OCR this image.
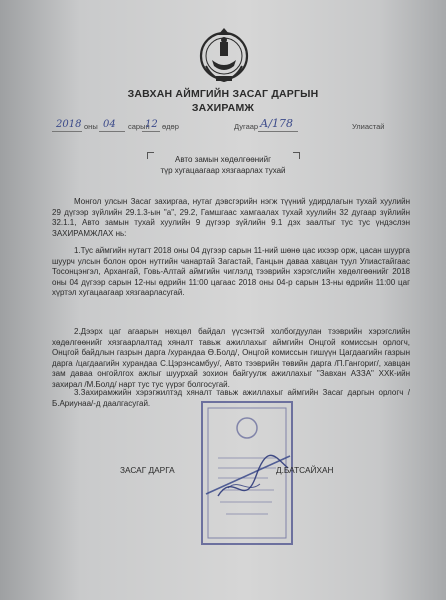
ЗАВХАН АЙМГИЙН ЗАСАГ ДАРГЫН
ЗАХИРАМЖ
2018 оны 04 сарын
12 өдөр	Дугаар А/178	Улиастай
Авто замын хөдөлгөөнийг
түр хугацаагаар хязгаарлах тухай

Монгол улсын Засаг захиргаа, нутаг дэвсгэрийн нэгж түүний удирдлагын тухай хуулийн 29 дүгээр зүйлийн 29.1.3-ын "а", 29.2, Гамшгаас хамгаалах тухай хуулийн 32 дугаар зүйлийн 32.1.1, Авто замын тухай хуулийн 9 дүгээр зүйлийн 9.1 дэх заалтыг тус тус үндэслэн ЗАХИРАМЖЛАХ нь:

1.Тус аймгийн нутагт 2018 оны 04 дүгээр сарын 11-ний шөнө цас ихээр орж, цасан шуурга шуурч улсын болон орон нутгийн чанартай Загастай, Ганцын даваа хавцан туул Улиастайгаас Тосонцэнгэл, Архангай, Говь-Алтай аймгийн чиглэлд тээврийн хэрэгслийн хөдөлгөөнийг 2018 оны 04 дүгээр сарын 12-ны өдрийн 11:00 цагаас 2018 оны 04-р сарын 13-ны өдрийн 11:00 цаг хүртэл хугацаагаар хязгаарласугай.

2.Дээрх цаг агаарын нөхцөл байдал үүсэнтэй холбогдуулан тээврийн хэрэгслийн хөдөлгөөнийг хязгаарлалтад хяналт тавьж ажиллахыг аймгийн Онцгой комиссын орлогч, Онцгой байдлын газрын дарга /хурандаа Ө.Болд/, Онцгой комиссын гишүүн Цагдаагийн газрын дарга /цагдаагийн хурандаа С.Цэрэнсамбуу/, Авто тээврийн төвийн дарга /П.Гангориг/, хавцан зам даваа онгойлгох ажлыг шуурхай зохион байгуулж ажиллахыг "Завхан АЗЗА" ХХК-ийн захирал /М.Болд/ нарт тус тус үүрэг болгосугай.

3.Захирамжийн хэрэгжилтэд хяналт тавьж ажиллахыг аймгийн Засаг даргын орлогч /Б.Ариунаа/-д даалгасугай.

ЗАСАГ ДАРГА	Д.БАТСАЙХАН
